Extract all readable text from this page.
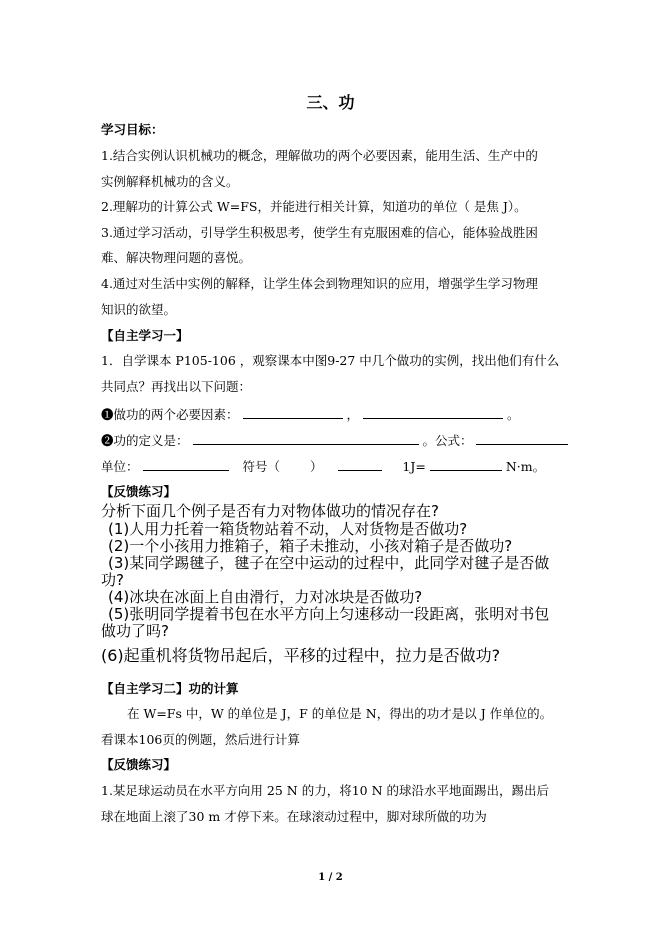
三、功
学习目标：
1.结合实例认识机械功的概念，理解做功的两个必要因素，能用生活、生产中的
实例解释机械功的含义。
2.理解功的计算公式 W=FS，并能进行相关计算，知道功的单位（ 是焦 J）。
3.通过学习活动，引导学生积极思考，使学生有克服困难的信心，能体验战胜困
难、解决物理问题的喜悦。
4.通过对生活中实例的解释，让学生体会到物理知识的应用，增强学生学习物理
知识的欲望。
【自主学习一】
1．自学课本 P105-106 ，观察课本中图9-27 中几个做功的实例，找出他们有什么
共同点？再找出以下问题：
❶做功的两个必要因素：	，	。
❷功的定义是：	。公式：
单位：	符号（ ）	1J=	N·m。
【反馈练习】
分析下面几个例子是否有力对物体做功的情况存在?
(1)人用力托着一箱货物站着不动，人对货物是否做功?
(2)一个小孩用力推箱子，箱子未推动，小孩对箱子是否做功?
(3)某同学踢毽子，毽子在空中运动的过程中，此同学对毽子是否做
功?
(4)冰块在冰面上自由滑行，力对冰块是否做功?
(5)张明同学提着书包在水平方向上匀速移动一段距离，张明对书包
做功了吗?
(6)起重机将货物吊起后，平移的过程中，拉力是否做功?
【自主学习二】功的计算
在 W=Fs 中，W 的单位是 J，F 的单位是 N，得出的功才是以 J 作单位的。
看课本106页的例题，然后进行计算
【反馈练习】
1.某足球运动员在水平方向用 25 N 的力，将10 N 的球沿水平地面踢出，踢出后
球在地面上滚了30 m 才停下来。在球滚动过程中，脚对球所做的功为
1 / 2
